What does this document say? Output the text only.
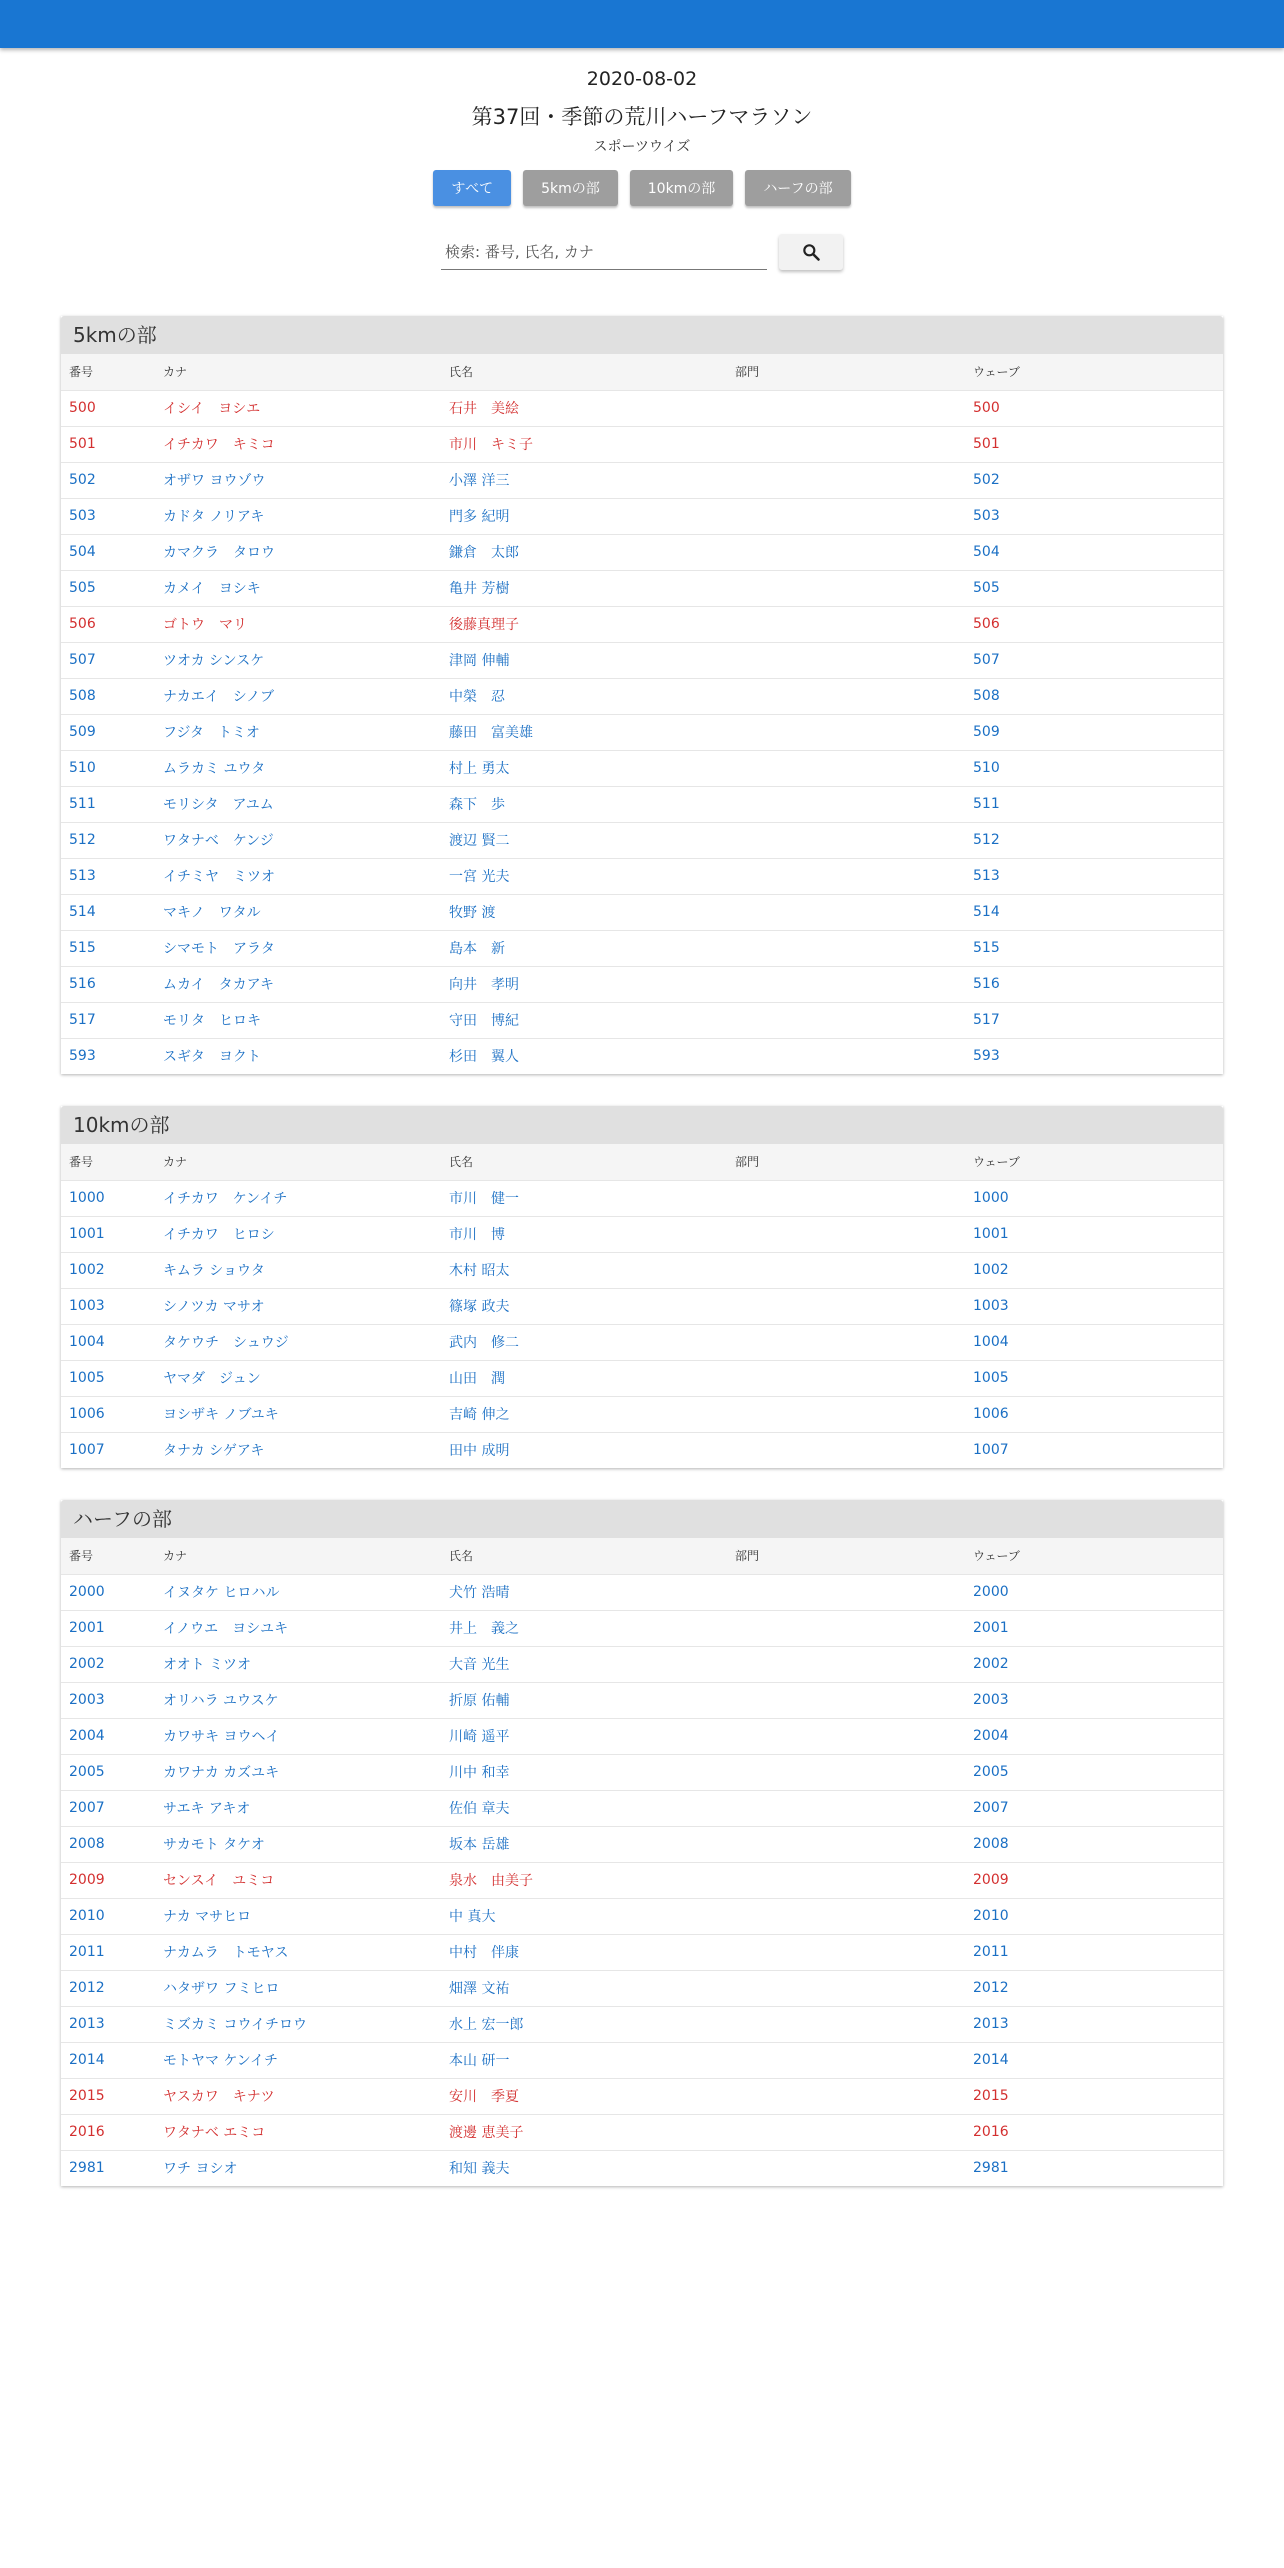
2020-08-02
第37回・季節の荒川ハーフマラソン
スポーツウイズ
すべて	5kmの部	10kmの部	ハーフの部
検索: 番号, 氏名, カナ
5kmの部
番号	カナ	氏名	部門	ウェーブ
500	イシイ　ヨシエ	石井　美絵		500
501	イチカワ　キミコ	市川　キミ子		501
502	オザワ ヨウゾウ	小澤 洋三		502
503	カドタ ノリアキ	門多 紀明		503
504	カマクラ　タロウ	鎌倉　太郎		504
505	カメイ　ヨシキ	亀井 芳樹		505
506	ゴトウ　マリ	後藤真理子		506
507	ツオカ シンスケ	津岡 伸輔		507
508	ナカエイ　シノブ	中榮　忍		508
509	フジタ　トミオ	藤田　富美雄		509
510	ムラカミ ユウタ	村上 勇太		510
511	モリシタ　アユム	森下　歩		511
512	ワタナベ　ケンジ	渡辺 賢二		512
513	イチミヤ　ミツオ	一宮 光夫		513
514	マキノ　ワタル	牧野 渡		514
515	シマモト　アラタ	島本　新		515
516	ムカイ　タカアキ	向井　孝明		516
517	モリタ　ヒロキ	守田　博紀		517
593	スギタ　ヨクト	杉田　翼人		593
10kmの部
番号	カナ	氏名	部門	ウェーブ
1000	イチカワ　ケンイチ	市川　健一		1000
1001	イチカワ　ヒロシ	市川　博		1001
1002	キムラ ショウタ	木村 昭太		1002
1003	シノツカ マサオ	篠塚 政夫		1003
1004	タケウチ　シュウジ	武内　修二		1004
1005	ヤマダ　ジュン	山田　潤		1005
1006	ヨシザキ ノブユキ	吉崎 伸之		1006
1007	タナカ シゲアキ	田中 成明		1007
ハーフの部
番号	カナ	氏名	部門	ウェーブ
2000	イヌタケ ヒロハル	犬竹 浩晴		2000
2001	イノウエ　ヨシユキ	井上　義之		2001
2002	オオト ミツオ	大音 光生		2002
2003	オリハラ ユウスケ	折原 佑輔		2003
2004	カワサキ ヨウヘイ	川崎 遥平		2004
2005	カワナカ カズユキ	川中 和幸		2005
2007	サエキ アキオ	佐伯 章夫		2007
2008	サカモト タケオ	坂本 岳雄		2008
2009	センスイ　ユミコ	泉水　由美子		2009
2010	ナカ マサヒロ	中 真大		2010
2011	ナカムラ　トモヤス	中村　伴康		2011
2012	ハタザワ フミヒロ	畑澤 文祐		2012
2013	ミズカミ コウイチロウ	水上 宏一郎		2013
2014	モトヤマ ケンイチ	本山 研一		2014
2015	ヤスカワ　キナツ	安川　季夏		2015
2016	ワタナベ エミコ	渡邊 恵美子		2016
2981	ワチ ヨシオ	和知 義夫		2981
